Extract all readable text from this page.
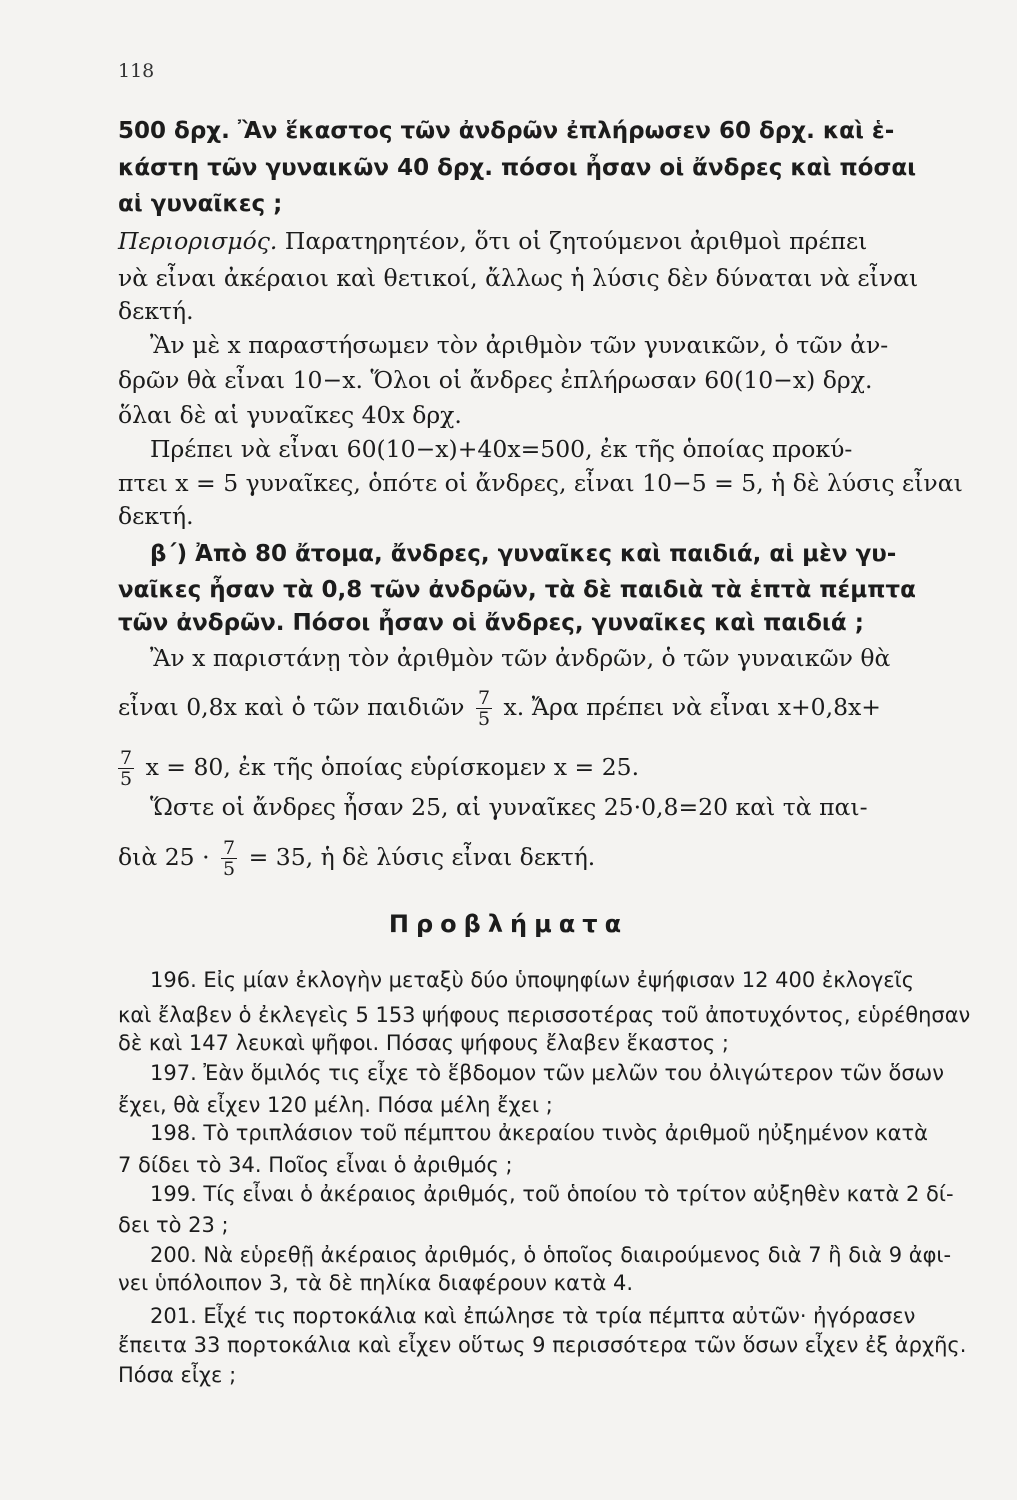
118
500 δρχ. Ἂν ἕκαστος τῶν ἀνδρῶν ἐπλήρωσεν 60 δρχ. καὶ ἑ-
κάστη τῶν γυναικῶν 40 δρχ. πόσοι ἦσαν οἱ ἄνδρες καὶ πόσαι
αἱ γυναῖκες ;
Περιορισμός. Παρατηρητέον, ὅτι οἱ ζητούμενοι ἀριθμοὶ πρέπει
νὰ εἶναι ἀκέραιοι καὶ θετικοί, ἄλλως ἡ λύσις δὲν δύναται νὰ εἶναι
δεκτή.
Ἂν μὲ x παραστήσωμεν τὸν ἀριθμὸν τῶν γυναικῶν, ὁ τῶν ἀν-
δρῶν θὰ εἶναι 10−x. Ὅλοι οἱ ἄνδρες ἐπλήρωσαν 60(10−x) δρχ.
ὅλαι δὲ αἱ γυναῖκες 40x δρχ.
Πρέπει νὰ εἶναι 60(10−x)+40x=500, ἐκ τῆς ὁποίας προκύ-
πτει x = 5 γυναῖκες, ὁπότε οἱ ἄνδρες, εἶναι 10−5 = 5, ἡ δὲ λύσις εἶναι
δεκτή.
β΄) Ἀπὸ 80 ἄτομα, ἄνδρες, γυναῖκες καὶ παιδιά, αἱ μὲν γυ-
ναῖκες ἦσαν τὰ 0,8 τῶν ἀνδρῶν, τὰ δὲ παιδιὰ τὰ ἑπτὰ πέμπτα
τῶν ἀνδρῶν. Πόσοι ἦσαν οἱ ἄνδρες, γυναῖκες καὶ παιδιά ;
Ἂν x παριστάνῃ τὸν ἀριθμὸν τῶν ἀνδρῶν, ὁ τῶν γυναικῶν θὰ
εἶναι 0,8x καὶ ὁ τῶν παιδιῶν $\frac{7}{5} x$. Ἄρα πρέπει νὰ εἶναι x+0,8x+
$\frac{7}{5}$ x = 80, ἐκ τῆς ὁποίας εὑρίσκομεν x = 25.
Ὥστε οἱ ἄνδρες ἦσαν 25, αἱ γυναῖκες 25·0,8=20 καὶ τὰ παι-
διὰ $25 \cdot \frac{7}{5} = 35$, ἡ δὲ λύσις εἶναι δεκτή.
Προβλήματα
196. Εἰς μίαν ἐκλογὴν μεταξὺ δύο ὑποψηφίων ἐψήφισαν 12 400 ἐκλογεῖς
καὶ ἔλαβεν ὁ ἐκλεγεὶς 5 153 ψήφους περισσοτέρας τοῦ ἀποτυχόντος, εὑρέθησαν
δὲ καὶ 147 λευκαὶ ψῆφοι. Πόσας ψήφους ἔλαβεν ἕκαστος ;
197. Ἐὰν ὅμιλός τις εἶχε τὸ ἕβδομον τῶν μελῶν του ὀλιγώτερον τῶν ὅσων
ἔχει, θὰ εἶχεν 120 μέλη. Πόσα μέλη ἔχει ;
198. Τὸ τριπλάσιον τοῦ πέμπτου ἀκεραίου τινὸς ἀριθμοῦ ηὐξημένον κατὰ
7 δίδει τὸ 34. Ποῖος εἶναι ὁ ἀριθμός ;
199. Τίς εἶναι ὁ ἀκέραιος ἀριθμός, τοῦ ὁποίου τὸ τρίτον αὐξηθὲν κατὰ 2 δί-
δει τὸ 23 ;
200. Νὰ εὑρεθῇ ἀκέραιος ἀριθμός, ὁ ὁποῖος διαιρούμενος διὰ 7 ἢ διὰ 9 ἀφι-
νει ὑπόλοιπον 3, τὰ δὲ πηλίκα διαφέρουν κατὰ 4.
201. Εἶχέ τις πορτοκάλια καὶ ἐπώλησε τὰ τρία πέμπτα αὐτῶν· ἠγόρασεν
ἔπειτα 33 πορτοκάλια καὶ εἶχεν οὕτως 9 περισσότερα τῶν ὅσων εἶχεν ἐξ ἀρχῆς.
Πόσα εἶχε ;
